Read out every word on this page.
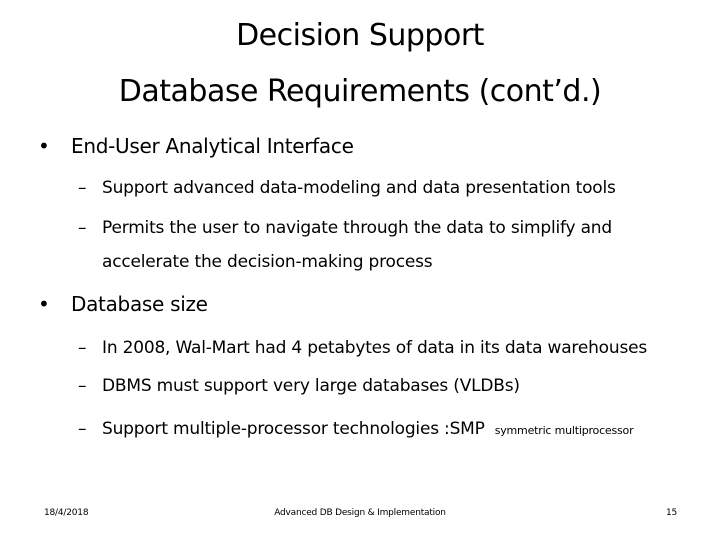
Decision Support
Database Requirements (cont’d.)
• End-User Analytical Interface
– Support advanced data-modeling and data presentation tools
– Permits the user to navigate through the data to simplify and
accelerate the decision-making process
• Database size
– In 2008, Wal-Mart had 4 petabytes of data in its data warehouses
– DBMS must support very large databases (VLDBs)
– Support multiple-processor technologies :SMP symmetric multiprocessor
18/4/2018	Advanced DB Design & Implementation	15
